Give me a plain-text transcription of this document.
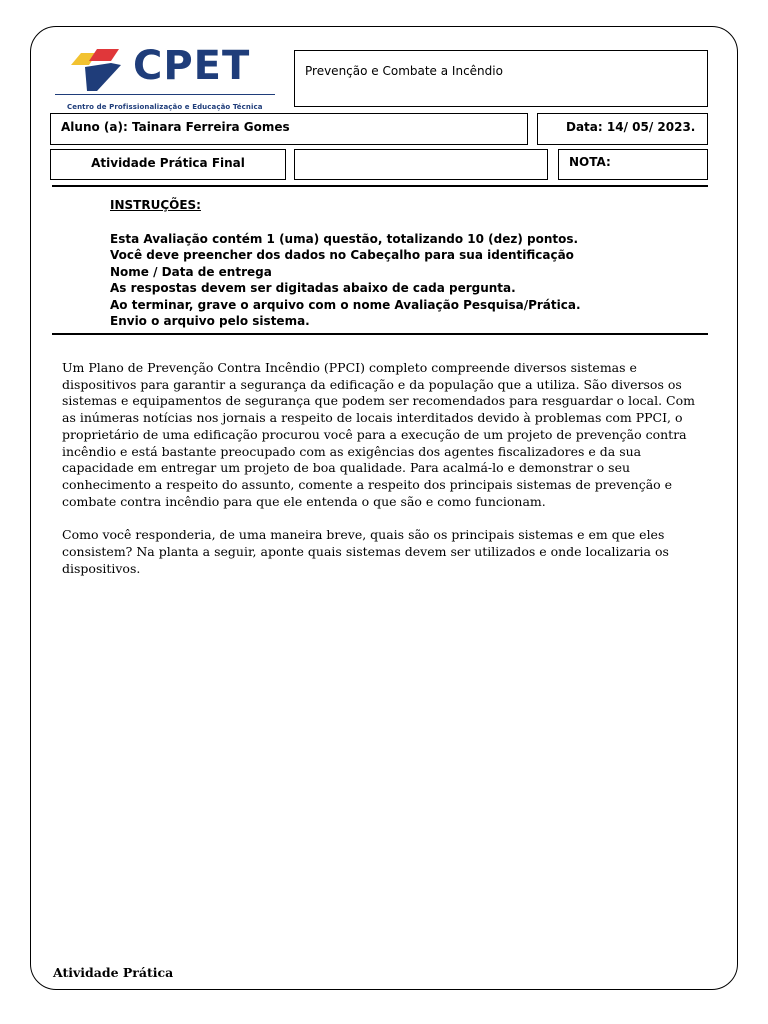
CPET
Centro de Profissionalização e Educação Técnica
Prevenção e Combate a Incêndio
Aluno (a): Tainara Ferreira Gomes	Data: 14/ 05/ 2023.
Atividade Prática Final	NOTA:
INSTRUÇÕES:
Esta Avaliação contém 1 (uma) questão, totalizando 10 (dez) pontos.
Você deve preencher dos dados no Cabeçalho para sua identificação
Nome / Data de entrega
As respostas devem ser digitadas abaixo de cada pergunta.
Ao terminar, grave o arquivo com o nome Avaliação Pesquisa/Prática.
Envio o arquivo pelo sistema.

Um Plano de Prevenção Contra Incêndio (PPCI) completo compreende diversos sistemas e dispositivos para garantir a segurança da edificação e da população que a utiliza. São diversos os sistemas e equipamentos de segurança que podem ser recomendados para resguardar o local. Com as inúmeras notícias nos jornais a respeito de locais interditados devido à problemas com PPCI, o proprietário de uma edificação procurou você para a execução de um projeto de prevenção contra incêndio e está bastante preocupado com as exigências dos agentes fiscalizadores e da sua capacidade em entregar um projeto de boa qualidade. Para acalmá-lo e demonstrar o seu conhecimento a respeito do assunto, comente a respeito dos principais sistemas de prevenção e combate contra incêndio para que ele entenda o que são e como funcionam.

Como você responderia, de uma maneira breve, quais são os principais sistemas e em que eles consistem? Na planta a seguir, aponte quais sistemas devem ser utilizados e onde localizaria os dispositivos.

Atividade Prática
